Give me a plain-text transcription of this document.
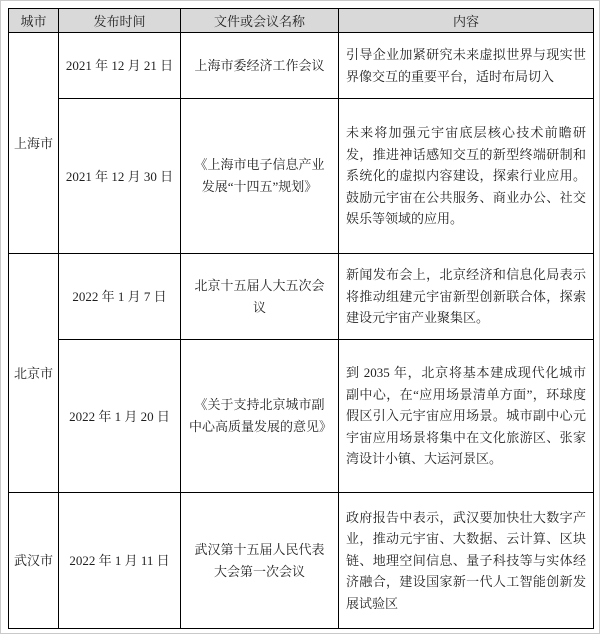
城市	发布时间	文件或会议名称	内容
上海市	2021 年 12 月 21 日	上海市委经济工作会议	引导企业加紧研究未来虚拟世界与现实世界像交互的重要平台，适时布局切入
	2021 年 12 月 30 日	《上海市电子信息产业发展“十四五”规划》	未来将加强元宇宙底层核心技术前瞻研发，推进神话感知交互的新型终端研制和系统化的虚拟内容建设，探索行业应用。鼓励元宇宙在公共服务、商业办公、社交娱乐等领域的应用。
北京市	2022 年 1 月 7 日	北京十五届人大五次会议	新闻发布会上，北京经济和信息化局表示将推动组建元宇宙新型创新联合体，探索建设元宇宙产业聚集区。
	2022 年 1 月 20 日	《关于支持北京城市副中心高质量发展的意见》	到 2035 年，北京将基本建成现代化城市副中心，在“应用场景清单方面”，环球度假区引入元宇宙应用场景。城市副中心元宇宙应用场景将集中在文化旅游区、张家湾设计小镇、大运河景区。
武汉市	2022 年 1 月 11 日	武汉第十五届人民代表大会第一次会议	政府报告中表示，武汉要加快壮大数字产业，推动元宇宙、大数据、云计算、区块链、地理空间信息、量子科技等与实体经济融合，建设国家新一代人工智能创新发展试验区
